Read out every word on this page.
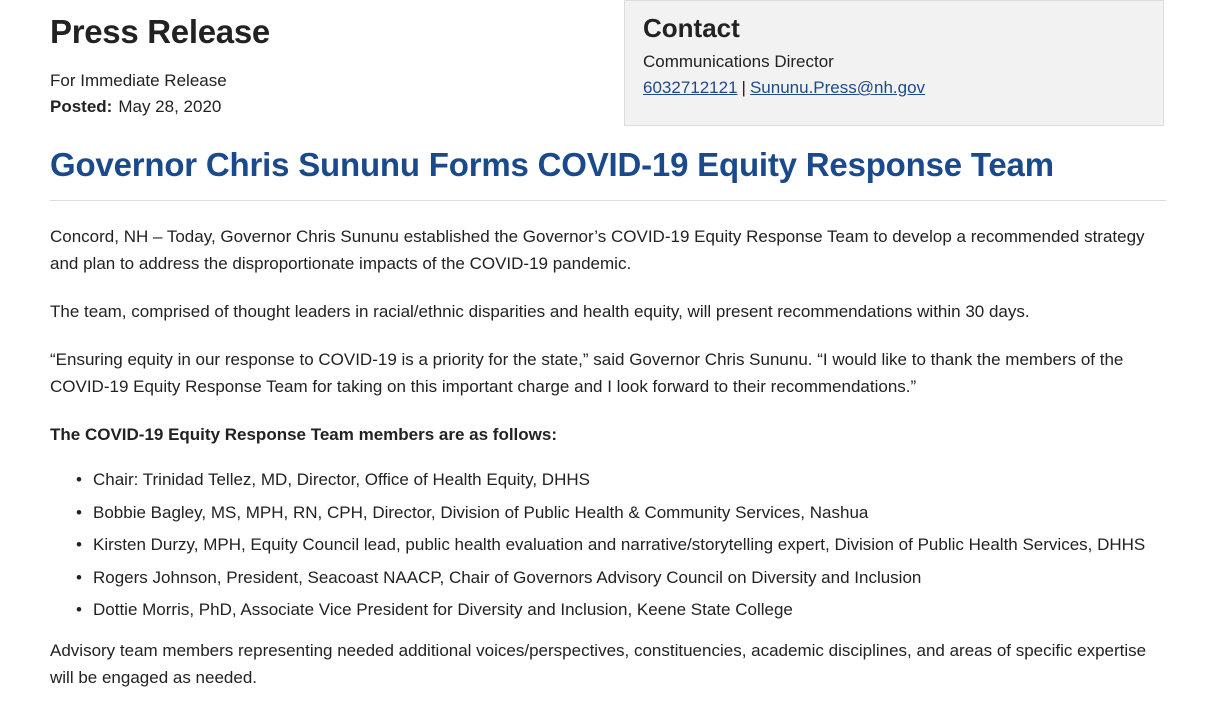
Press Release
For Immediate Release
Posted: May 28, 2020
Contact
Communications Director
6032712121 | Sununu.Press@nh.gov
Governor Chris Sununu Forms COVID-19 Equity Response Team

Concord, NH – Today, Governor Chris Sununu established the Governor’s COVID-19 Equity Response Team to develop a recommended strategy and plan to address the disproportionate impacts of the COVID-19 pandemic.

The team, comprised of thought leaders in racial/ethnic disparities and health equity, will present recommendations within 30 days.

“Ensuring equity in our response to COVID-19 is a priority for the state,” said Governor Chris Sununu. “I would like to thank the members of the COVID-19 Equity Response Team for taking on this important charge and I look forward to their recommendations.”

The COVID-19 Equity Response Team members are as follows:

• Chair: Trinidad Tellez, MD, Director, Office of Health Equity, DHHS
• Bobbie Bagley, MS, MPH, RN, CPH, Director, Division of Public Health & Community Services, Nashua
• Kirsten Durzy, MPH, Equity Council lead, public health evaluation and narrative/storytelling expert, Division of Public Health Services, DHHS
• Rogers Johnson, President, Seacoast NAACP, Chair of Governors Advisory Council on Diversity and Inclusion
• Dottie Morris, PhD, Associate Vice President for Diversity and Inclusion, Keene State College

Advisory team members representing needed additional voices/perspectives, constituencies, academic disciplines, and areas of specific expertise will be engaged as needed.
